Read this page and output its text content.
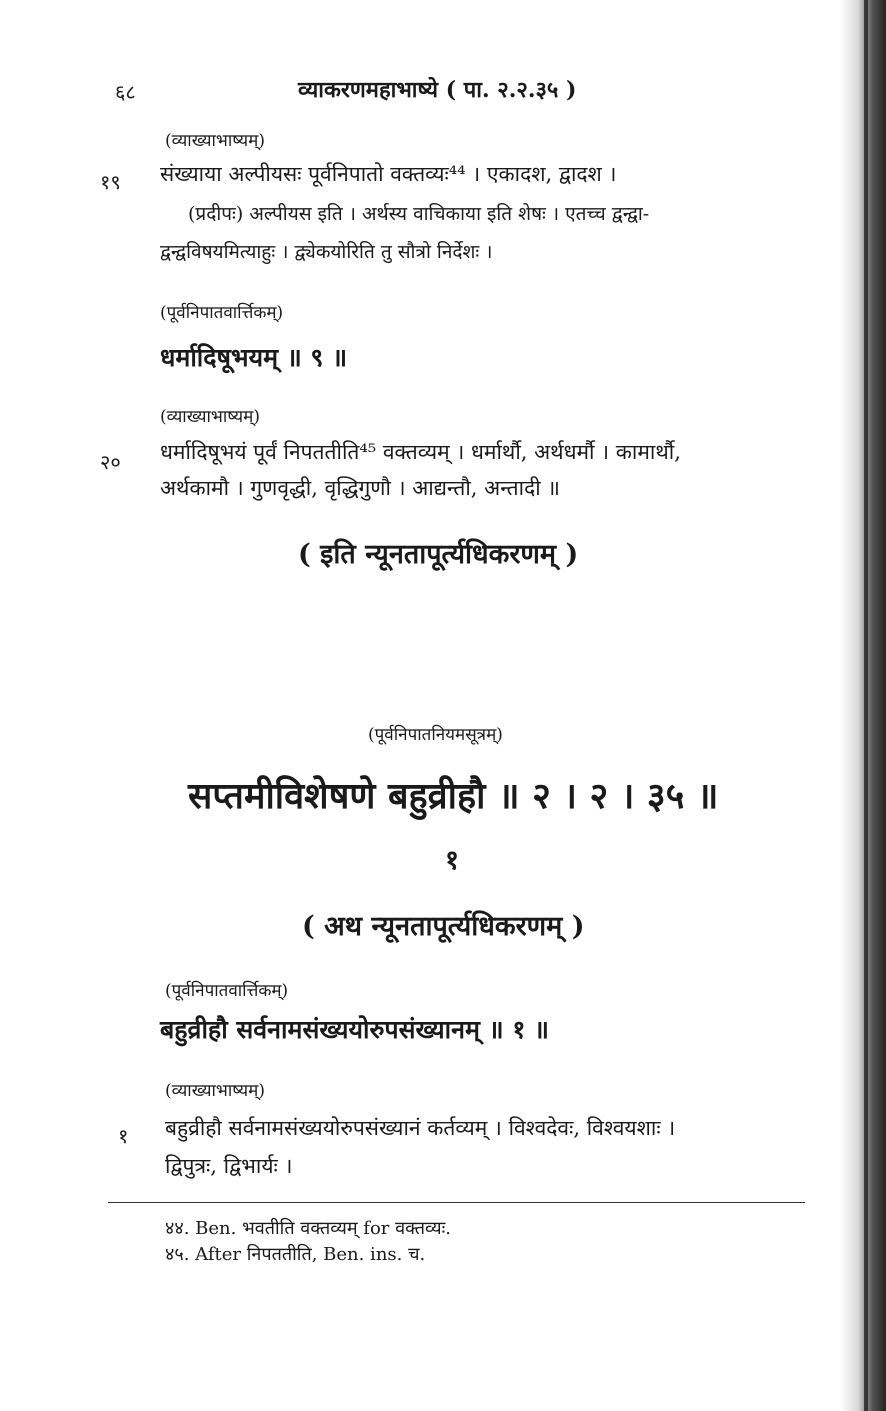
६८	व्याकरणमहाभाष्ये ( पा. २.२.३५ )
(व्याख्याभाष्यम्)
१९ संख्याया अल्पीयसः पूर्वनिपातो वक्तव्यः⁴⁴ । एकादश, द्वादश ।
(प्रदीपः) अल्पीयस इति । अर्थस्य वाचिकाया इति शेषः । एतच्च द्वन्द्वा-
द्वन्द्वविषयमित्याहुः । द्व्येकयोरिति तु सौत्रो निर्देशः ।
(पूर्वनिपातवार्त्तिकम्)
धर्मादिषूभयम् ॥ ९ ॥
(व्याख्याभाष्यम्)
२० धर्मादिषूभयं पूर्वं निपततीति⁴⁵ वक्तव्यम् । धर्मार्थौ, अर्थधर्मौ । कामार्थौ,
अर्थकामौ । गुणवृद्धी, वृद्धिगुणौ । आद्यन्तौ, अन्तादी ॥
( इति न्यूनतापूर्त्यधिकरणम् )
(पूर्वनिपातनियमसूत्रम्)
सप्तमीविशेषणे बहुव्रीहौ ॥ २ । २ । ३५ ॥
१
( अथ न्यूनतापूर्त्यधिकरणम् )
(पूर्वनिपातवार्त्तिकम्)
बहुव्रीहौ सर्वनामसंख्ययोरुपसंख्यानम् ॥ १ ॥
(व्याख्याभाष्यम्)
१ बहुव्रीहौ सर्वनामसंख्ययोरुपसंख्यानं कर्तव्यम् । विश्वदेवः, विश्वयशाः ।
द्विपुत्रः, द्विभार्यः ।
४४. Ben. भवतीति वक्तव्यम् for वक्तव्यः.
४५. After निपततीति, Ben. ins. च.
